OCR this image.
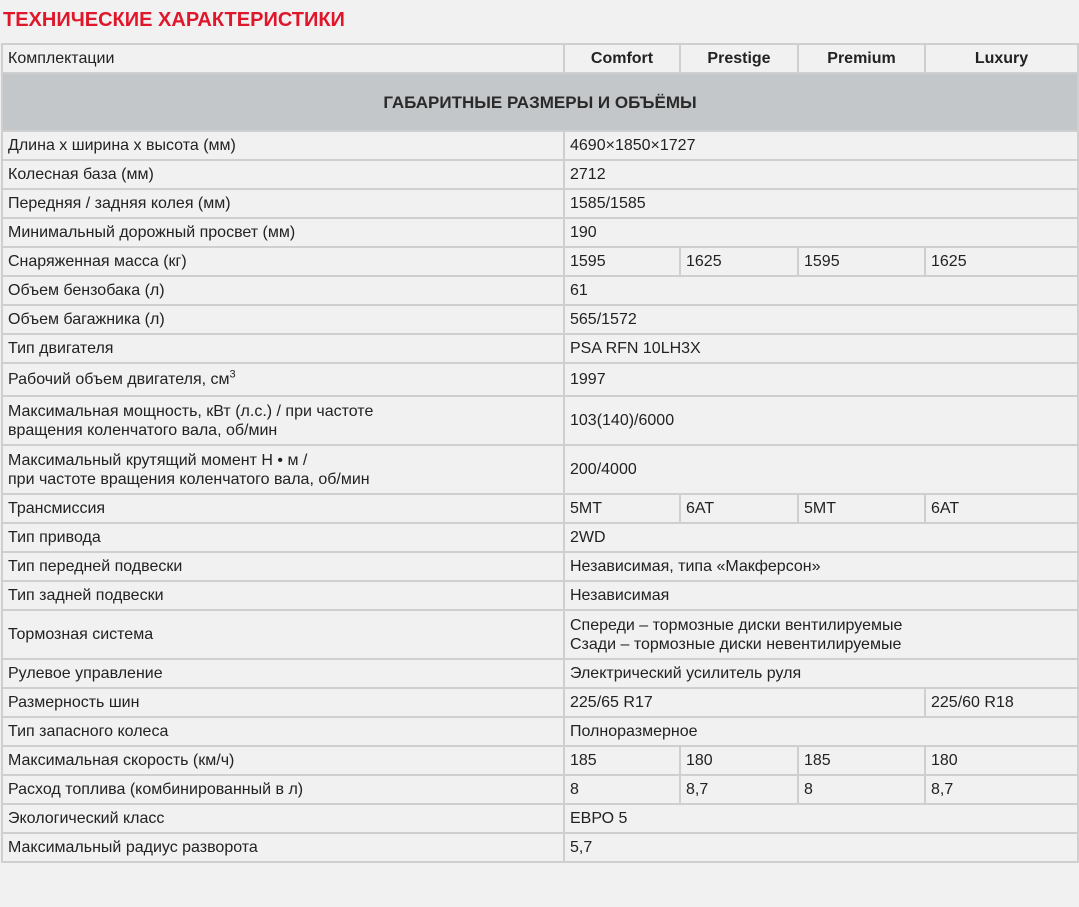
ТЕХНИЧЕСКИЕ ХАРАКТЕРИСТИКИ
Комплектации	Comfort	Prestige	Premium	Luxury
ГАБАРИТНЫЕ РАЗМЕРЫ И ОБЪЁМЫ				
Длина х ширина х высота (мм)	4690×1850×1727			
Колесная база (мм)	2712			
Передняя / задняя колея (мм)	1585/1585			
Минимальный дорожный просвет (мм)	190			
Снаряженная масса (кг)	1595	1625	1595	1625
Объем бензобака (л)	61			
Объем багажника (л)	565/1572			
Тип двигателя	PSA RFN 10LH3X			
Рабочий объем двигателя, $см^3$	1997			

Максимальная мощность, кВт (л.с.) / при частоте
вращения коленчатого вала, об/мин	103(140)/6000			

Максимальный крутящий момент Н • м /
при частоте вращения коленчатого вала, об/мин	200/4000			
Трансмиссия	5MT	6AT	5MT	6AT
Тип привода	2WD			
Тип передней подвески	Независимая, типа «Макферсон»			
Тип задней подвески	Независимая			
Тормозная система	Спереди – тормозные диски вентилируемые
Сзади – тормозные диски невентилируемые			

Рулевое управление	Электрический усилитель руля			
Размерность шин	225/65 R17			225/60 R18
Тип запасного колеса	Полноразмерное			
Максимальная скорость (км/ч)	185	180	185	180
Расход топлива (комбинированный в л)	8	8,7	8	8,7
Экологический класс	ЕВРО 5			
Максимальный радиус разворота	5,7			
